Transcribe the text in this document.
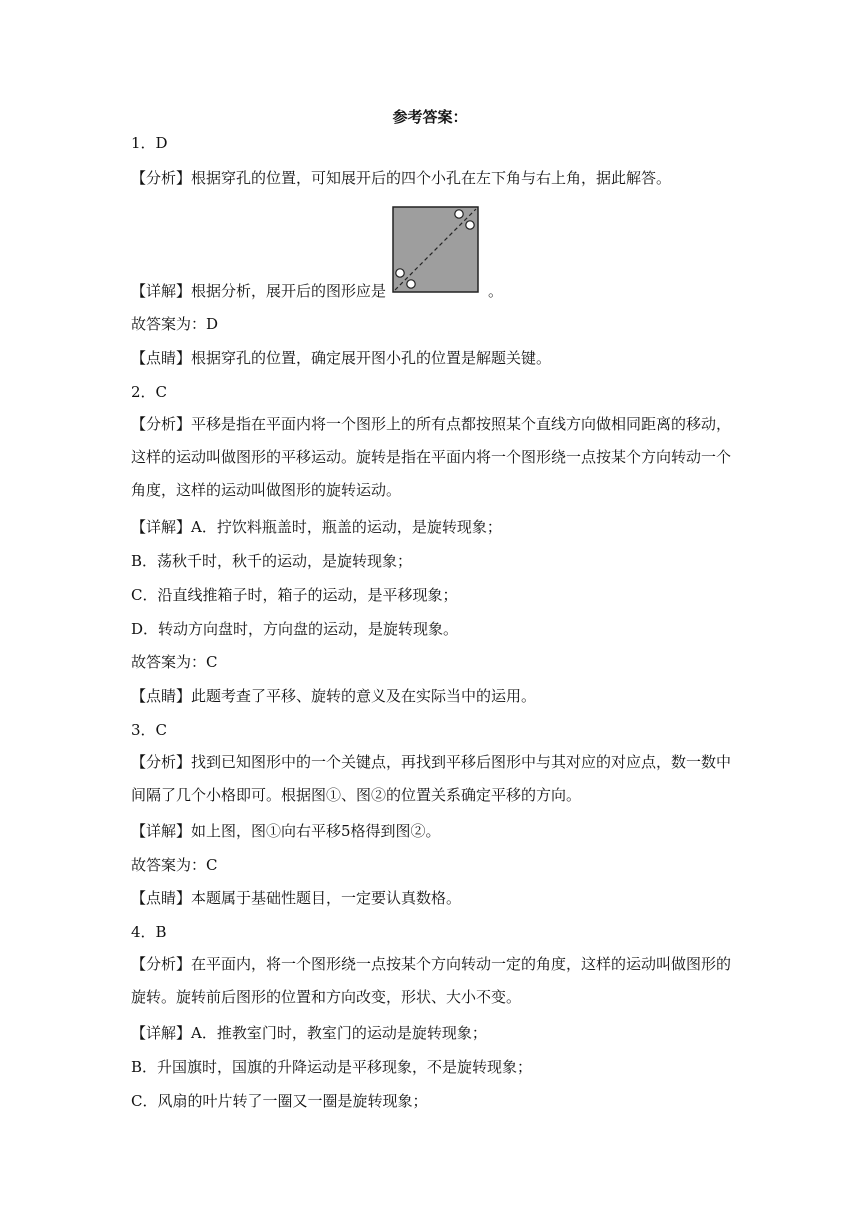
参考答案：
1．D
【分析】根据穿孔的位置，可知展开后的四个小孔在左下角与右上角，据此解答。
【详解】根据分析，展开后的图形应是	。
故答案为：D
【点睛】根据穿孔的位置，确定展开图小孔的位置是解题关键。
2．C
【分析】平移是指在平面内将一个图形上的所有点都按照某个直线方向做相同距离的移动，这样的运动叫做图形的平移运动。旋转是指在平面内将一个图形绕一点按某个方向转动一个角度，这样的运动叫做图形的旋转运动。
【详解】A．拧饮料瓶盖时，瓶盖的运动，是旋转现象；
B．荡秋千时，秋千的运动，是旋转现象；
C．沿直线推箱子时，箱子的运动，是平移现象；
D．转动方向盘时，方向盘的运动，是旋转现象。
故答案为：C
【点睛】此题考查了平移、旋转的意义及在实际当中的运用。
3．C
【分析】找到已知图形中的一个关键点，再找到平移后图形中与其对应的对应点，数一数中间隔了几个小格即可。根据图①、图②的位置关系确定平移的方向。
【详解】如上图，图①向右平移5格得到图②。
故答案为：C
【点睛】本题属于基础性题目，一定要认真数格。
4．B
【分析】在平面内，将一个图形绕一点按某个方向转动一定的角度，这样的运动叫做图形的旋转。旋转前后图形的位置和方向改变，形状、大小不变。
【详解】A．推教室门时，教室门的运动是旋转现象；
B．升国旗时，国旗的升降运动是平移现象，不是旋转现象；
C．风扇的叶片转了一圈又一圈是旋转现象；
